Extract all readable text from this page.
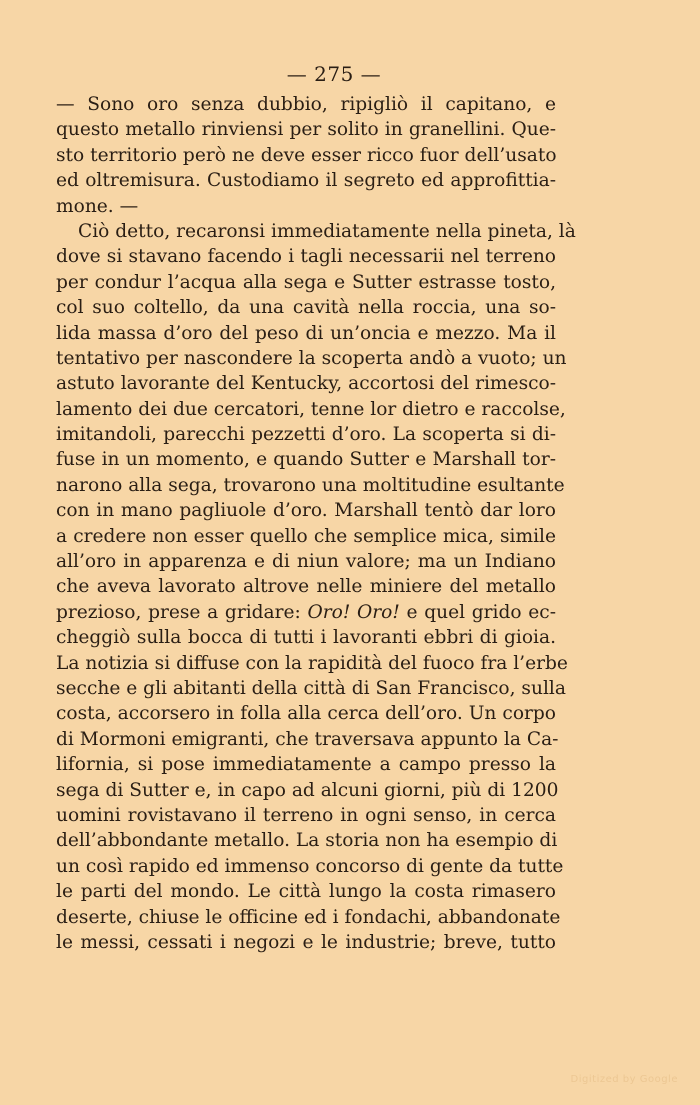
— 275 —
— Sono oro senza dubbio, ripigliò il capitano, e
questo metallo rinviensi per solito in granellini. Que-
sto territorio però ne deve esser ricco fuor dell’usato
ed oltremisura. Custodiamo il segreto ed approfittia-
mone. —
Ciò detto, recaronsi immediatamente nella pineta, là
dove si stavano facendo i tagli necessarii nel terreno
per condur l’acqua alla sega e Sutter estrasse tosto,
col suo coltello, da una cavità nella roccia, una so-
lida massa d’oro del peso di un’oncia e mezzo. Ma il
tentativo per nascondere la scoperta andò a vuoto; un
astuto lavorante del Kentucky, accortosi del rimesco-
lamento dei due cercatori, tenne lor dietro e raccolse,
imitandoli, parecchi pezzetti d’oro. La scoperta si di-
fuse in un momento, e quando Sutter e Marshall tor-
narono alla sega, trovarono una moltitudine esultante
con in mano pagliuole d’oro. Marshall tentò dar loro
a credere non esser quello che semplice mica, simile
all’oro in apparenza e di niun valore; ma un Indiano
che aveva lavorato altrove nelle miniere del metallo
prezioso, prese a gridare: Oro! Oro! e quel grido ec-
cheggiò sulla bocca di tutti i lavoranti ebbri di gioia.
La notizia si diffuse con la rapidità del fuoco fra l’erbe
secche e gli abitanti della città di San Francisco, sulla
costa, accorsero in folla alla cerca dell’oro. Un corpo
di Mormoni emigranti, che traversava appunto la Ca-
lifornia, si pose immediatamente a campo presso la
sega di Sutter e, in capo ad alcuni giorni, più di 1200
uomini rovistavano il terreno in ogni senso, in cerca
dell’abbondante metallo. La storia non ha esempio di
un così rapido ed immenso concorso di gente da tutte
le parti del mondo. Le città lungo la costa rimasero
deserte, chiuse le officine ed i fondachi, abbandonate
le messi, cessati i negozi e le industrie; breve, tutto
Digitized by Google
